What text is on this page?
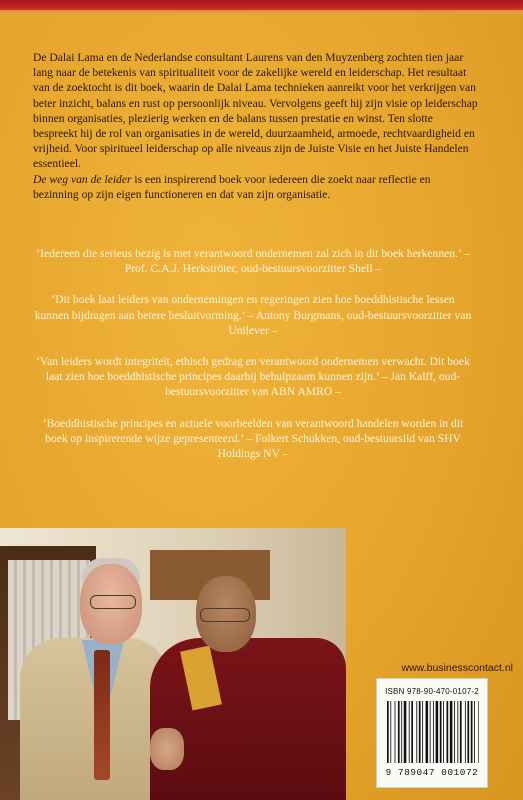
De Dalai Lama en de Nederlandse consultant Laurens van den Muyzenberg zochten tien jaar lang naar de betekenis van spiritualiteit voor de zakelijke wereld en leiderschap. Het resultaat van de zoektocht is dit boek, waarin de Dalai Lama technieken aanreikt voor het verkrijgen van beter inzicht, balans en rust op persoonlijk niveau. Vervolgens geeft hij zijn visie op leiderschap binnen organisaties, plezierig werken en de balans tussen prestatie en winst. Ten slotte bespreekt hij de rol van organisaties in de wereld, duurzaamheid, armoede, rechtvaardigheid en vrijheid. Voor spiritueel leiderschap op alle niveaus zijn de Juiste Visie en het Juiste Handelen essentieel.

De weg van de leider is een inspirerend boek voor iedereen die zoekt naar reflectie en bezinning op zijn eigen functioneren en dat van zijn organisatie.

‘Iedereen die serieus bezig is met verantwoord ondernemen zal zich in dit boek herkennen.’ – Prof. C.A.J. Herkströter, oud-bestuursvoorzitter Shell –

‘Dit boek laat leiders van ondernemingen en regeringen zien hoe boeddhistische lessen kunnen bijdragen aan betere besluitvorming.’ – Antony Burgmans, oud-bestuursvoorzitter van Unilever –

‘Van leiders wordt integriteit, ethisch gedrag en verantwoord ondernemen verwacht. Dit boek laat zien hoe boeddhistische principes daarbij behulpzaam kunnen zijn.’ – Jan Kalff, oud-bestuursvoorzitter van ABN AMRO –

‘Boeddhistische principes en actuele voorbeelden van verantwoord handelen worden in dit boek op inspirerende wijze gepresenteerd.’ – Folkert Schukken, oud-bestuurslid van SHV Holdings NV –

www.businesscontact.nl
ISBN 978-90-470-0107-2
9 789047 001072
